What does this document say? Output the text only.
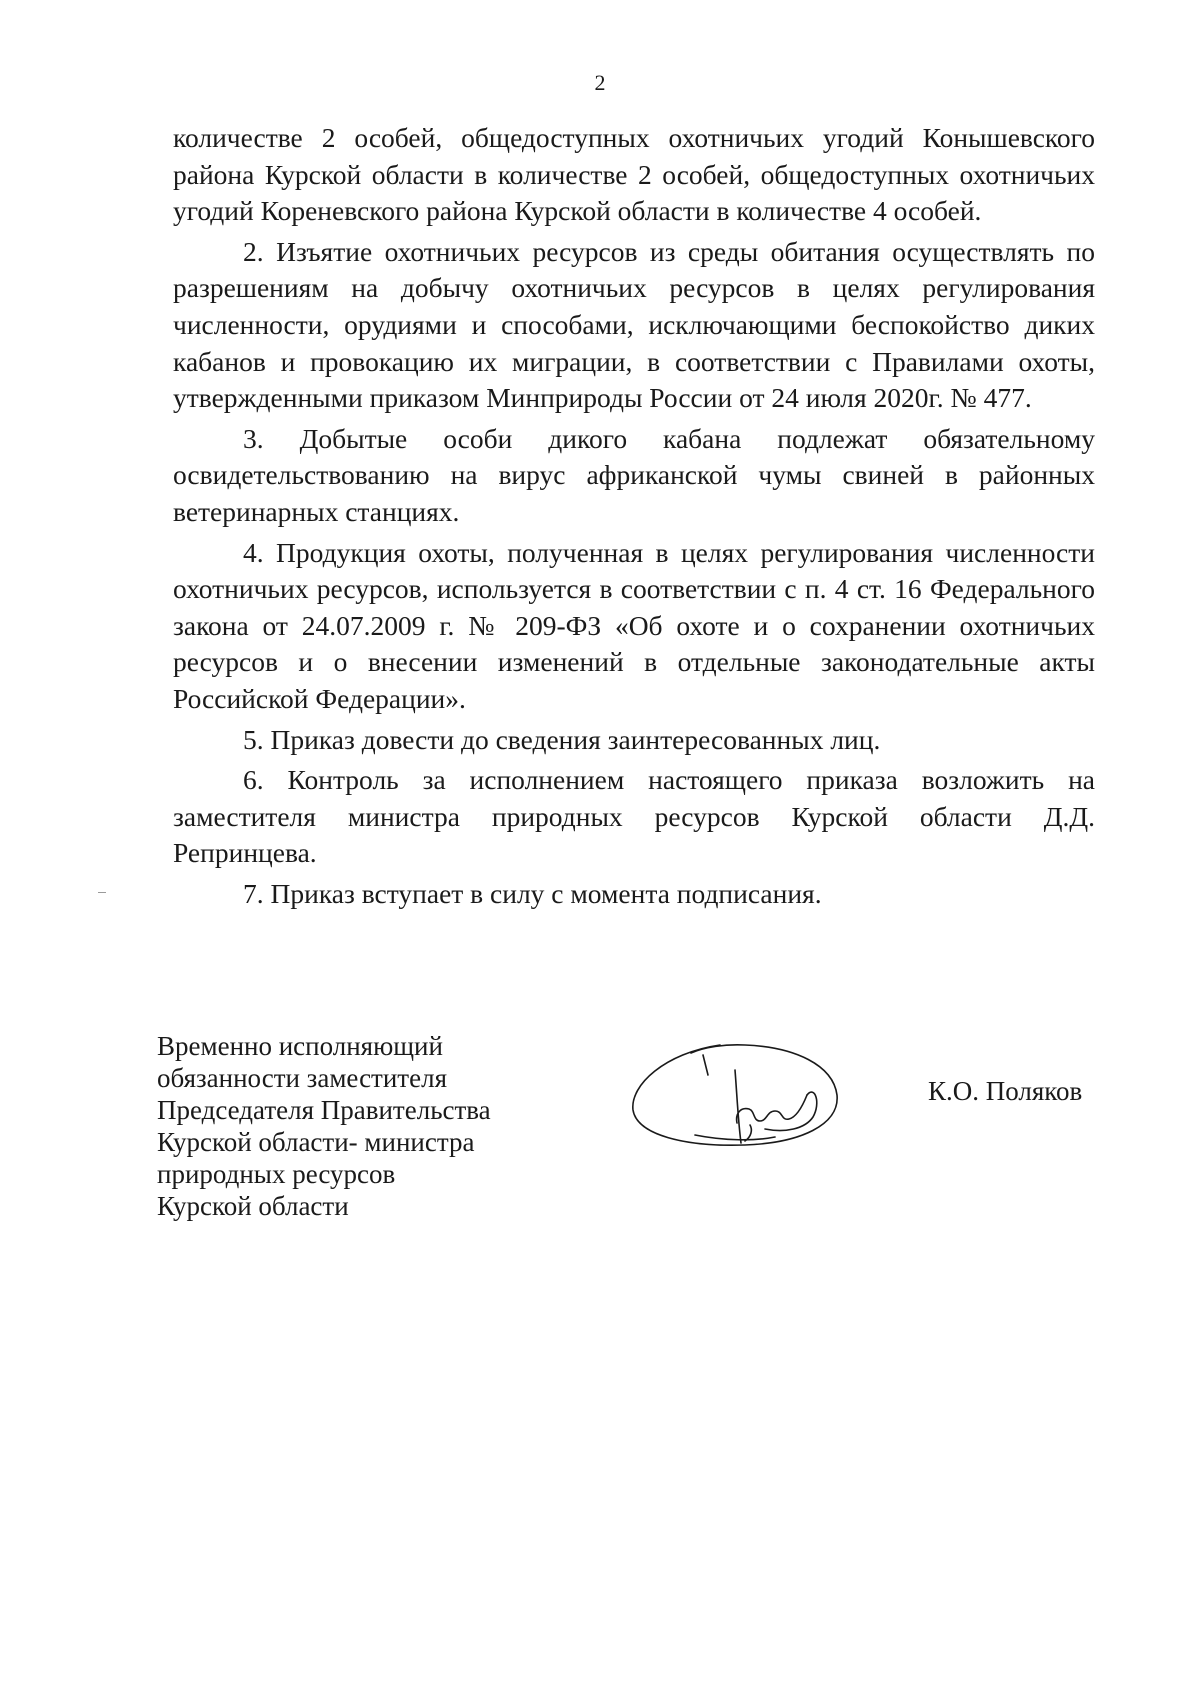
2

количестве 2 особей, общедоступных охотничьих угодий Конышевского района Курской области в количестве 2 особей, общедоступных охотничьих угодий Кореневского района Курской области в количестве 4 особей.

2. Изъятие охотничьих ресурсов из среды обитания осуществлять по разрешениям на добычу охотничьих ресурсов в целях регулирования численности, орудиями и способами, исключающими беспокойство диких кабанов и провокацию их миграции, в соответствии с Правилами охоты, утвержденными приказом Минприроды России от 24 июля 2020г. № 477.

3. Добытые особи дикого кабана подлежат обязательному освидетельствованию на вирус африканской чумы свиней в районных ветеринарных станциях.

4. Продукция охоты, полученная в целях регулирования численности охотничьих ресурсов, используется в соответствии с п. 4 ст. 16 Федерального закона от 24.07.2009 г. № 209-ФЗ «Об охоте и о сохранении охотничьих ресурсов и о внесении изменений в отдельные законодательные акты Российской Федерации».

5. Приказ довести до сведения заинтересованных лиц.

6. Контроль за исполнением настоящего приказа возложить на заместителя министра природных ресурсов Курской области Д.Д. Репринцева.

7. Приказ вступает в силу с момента подписания.

Временно исполняющий
обязанности заместителя
Председателя Правительства
Курской области- министра
природных ресурсов
Курской области
К.О. Поляков
